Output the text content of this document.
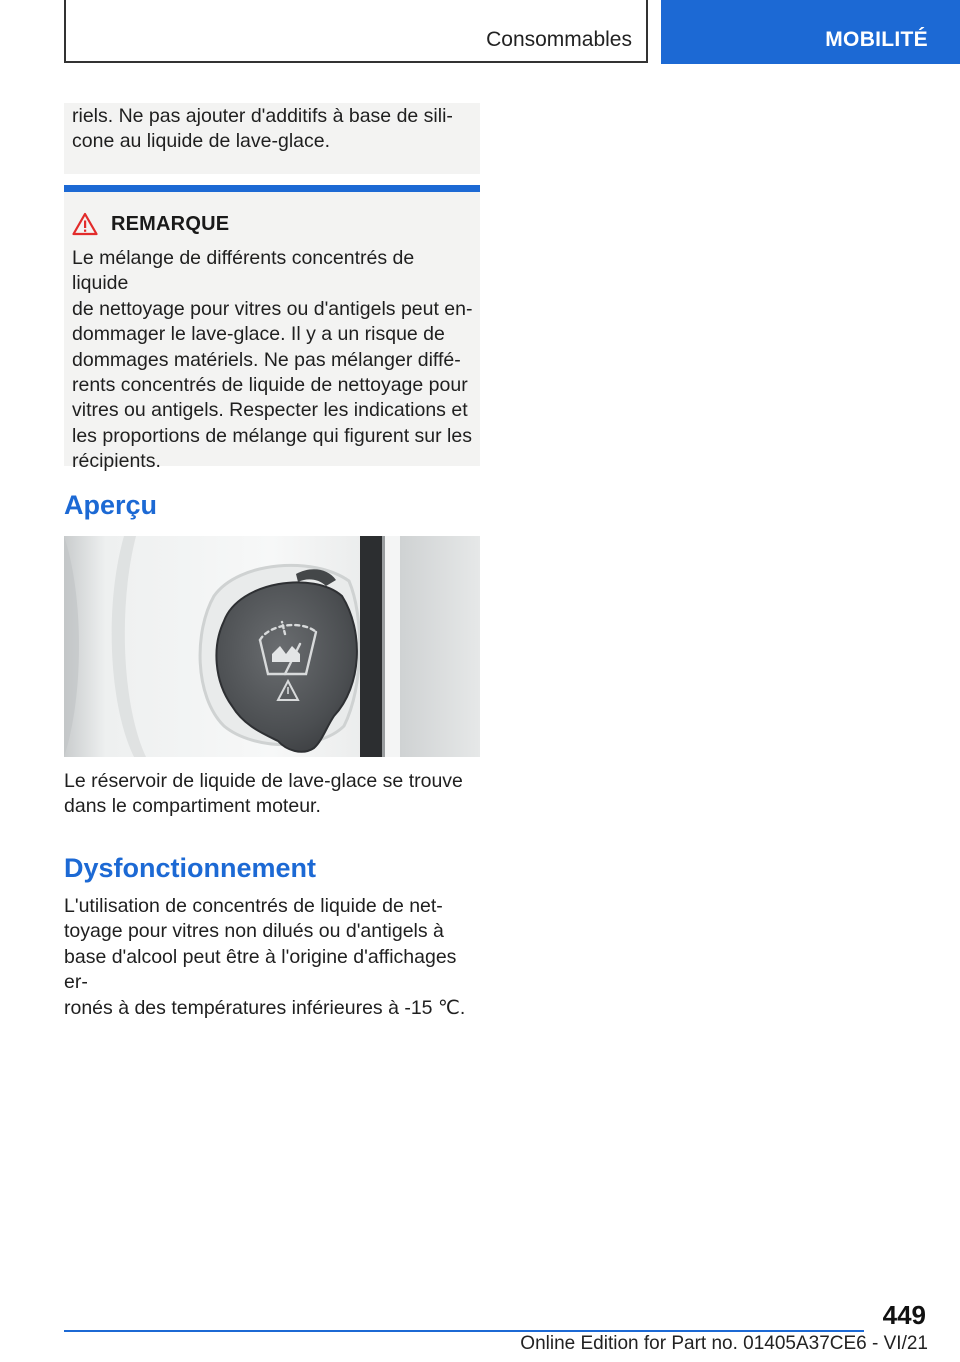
Consommables	MOBILITÉ

riels. Ne pas ajouter d'additifs à base de sili‐
cone au liquide de lave-glace.

REMARQUE

Le mélange de différents concentrés de liquide
de nettoyage pour vitres ou d'antigels peut en‐
dommager le lave-glace. Il y a un risque de
dommages matériels. Ne pas mélanger diffé‐
rents concentrés de liquide de nettoyage pour
vitres ou antigels. Respecter les indications et
les proportions de mélange qui figurent sur les
récipients.

Aperçu

Le réservoir de liquide de lave-glace se trouve
dans le compartiment moteur.

Dysfonctionnement

L'utilisation de concentrés de liquide de net‐
toyage pour vitres non dilués ou d'antigels à
base d'alcool peut être à l'origine d'affichages er‐
ronés à des températures inférieures à -15 ℃.

449
Online Edition for Part no. 01405A37CE6 - VI/21
